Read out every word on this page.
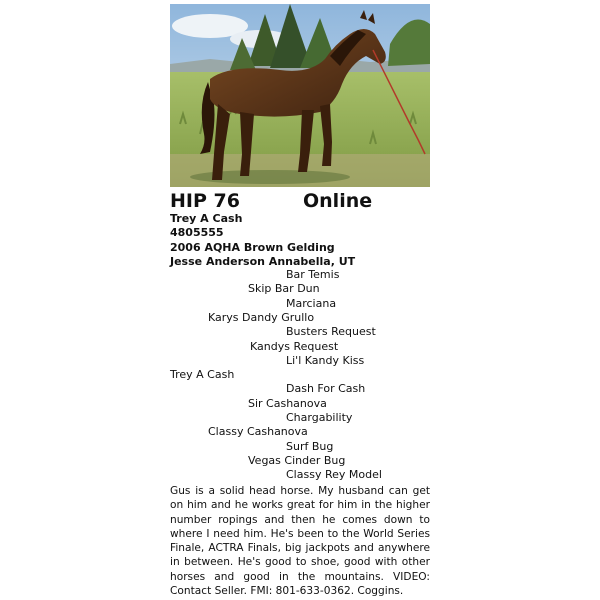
HIP 76	Online
Trey A Cash
4805555
2006 AQHA Brown Gelding
Jesse Anderson Annabella, UT
Bar Temis
Skip Bar Dun
Marciana
Karys Dandy Grullo
Busters Request
Kandys Request
Li'l Kandy Kiss
Trey A Cash
Dash For Cash
Sir Cashanova
Chargability
Classy Cashanova
Surf Bug
Vegas Cinder Bug
Classy Rey Model
Gus is a solid head horse. My husband can get on him and he works great for him in the higher number ropings and then he comes down to where I need him. He's been to the World Series Finale, ACTRA Finals, big jackpots and anywhere in between. He's good to shoe, good with other horses and good in the mountains. VIDEO: Contact Seller. FMI: 801-633-0362. Coggins.
